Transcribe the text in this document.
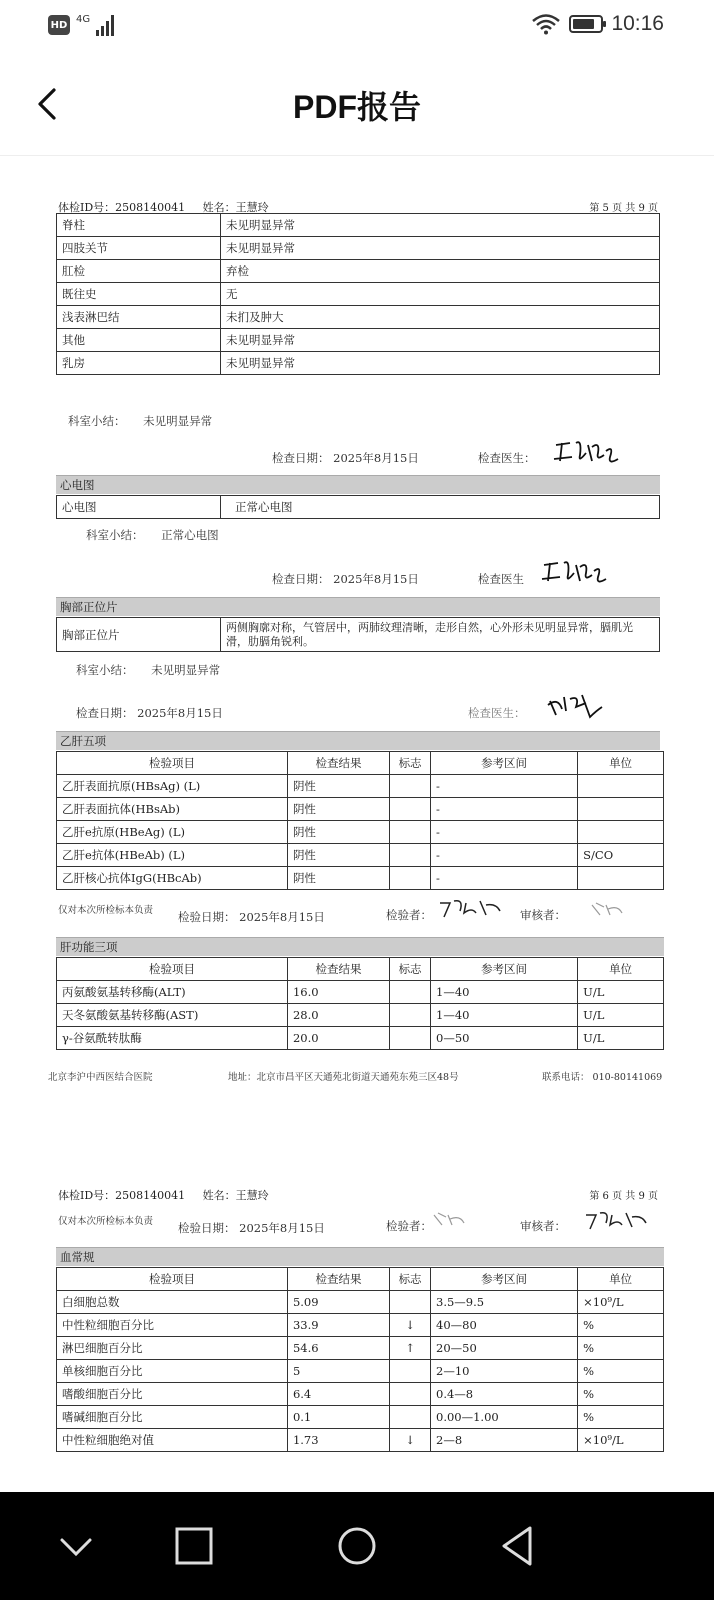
HD
4G	10:16
PDF报告
体检ID号：2508140041 姓名：王慧玲	第 5 页 共 9 页
脊柱	未见明显异常
四肢关节	未见明显异常
肛检	弃检
既往史	无
浅表淋巴结	未扪及肿大
其他	未见明显异常
乳房	未见明显异常
科室小结： 未见明显异常
检查日期： 2025年8月15日	检查医生：
心电图
心电图	正常心电图
科室小结： 正常心电图
检查日期： 2025年8月15日	检查医生
胸部正位片
胸部正位片	两侧胸廓对称，气管居中，两肺纹理清晰，走形自然，心外形未见明显异常，膈肌光滑，肋膈角锐利。
科室小结： 未见明显异常
检查日期： 2025年8月15日	检查医生：
乙肝五项
检验项目	检查结果	标志	参考区间	单位
乙肝表面抗原(HBsAg) (L)	阴性		-	
乙肝表面抗体(HBsAb)	阴性		-	
乙肝e抗原(HBeAg) (L)	阴性		-	
乙肝e抗体(HBeAb) (L)	阴性		-	S/CO
乙肝核心抗体IgG(HBcAb)	阴性		-	
仅对本次所检标本负责 检验日期： 2025年8月15日	检验者：	审核者：
肝功能三项
检验项目	检查结果	标志	参考区间	单位
丙氨酸氨基转移酶(ALT)	16.0		1—40	U/L
天冬氨酸氨基转移酶(AST)	28.0		1—40	U/L
γ-谷氨酰转肽酶	20.0		0—50	U/L
北京李沪中西医结合医院	地址：北京市昌平区天通苑北街道天通苑东苑三区48号	联系电话： 010-80141069
体检ID号：2508140041 姓名：王慧玲	第 6 页 共 9 页
仅对本次所检标本负责 检验日期： 2025年8月15日	检验者：	审核者：
血常规
检验项目	检查结果	标志	参考区间	单位
白细胞总数	5.09		3.5—9.5	×10⁹/L
中性粒细胞百分比	33.9	↓	40—80	%
淋巴细胞百分比	54.6	↑	20—50	%
单核细胞百分比	5		2—10	%
嗜酸细胞百分比	6.4		0.4—8	%
嗜碱细胞百分比	0.1		0.00—1.00	%
中性粒细胞绝对值	1.73	↓	2—8	×10⁹/L
